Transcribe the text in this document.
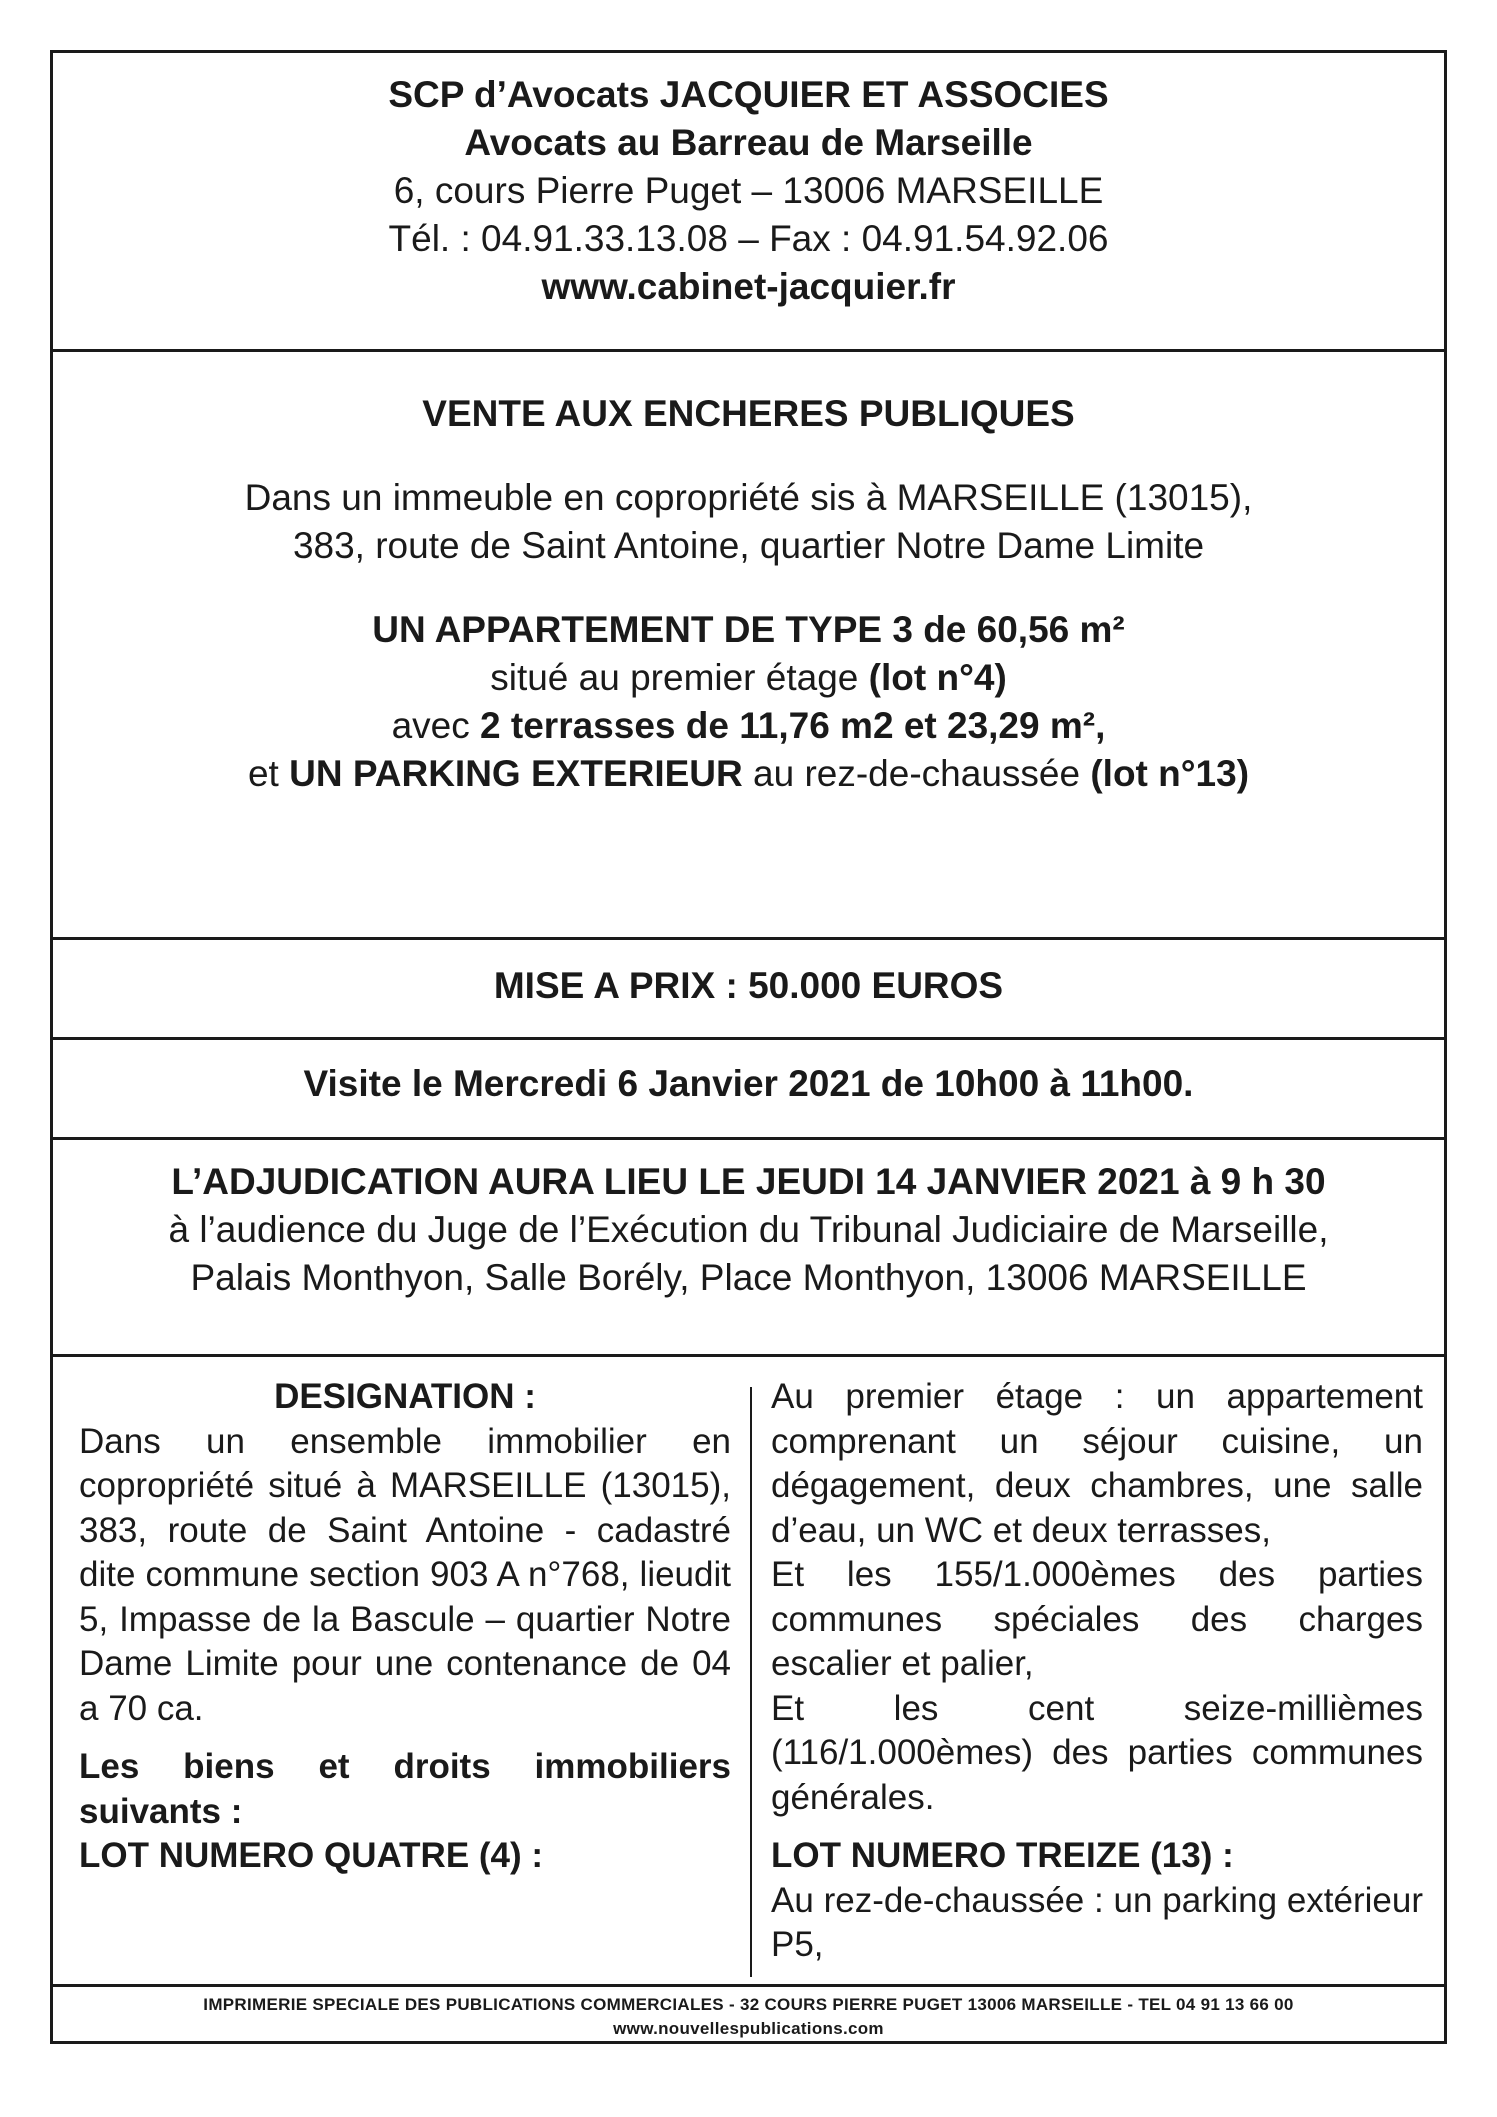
SCP d’Avocats JACQUIER ET ASSOCIES

Avocats au Barreau de Marseille

6, cours Pierre Puget – 13006 MARSEILLE

Tél. : 04.91.33.13.08 – Fax : 04.91.54.92.06

www.cabinet-jacquier.fr

VENTE AUX ENCHERES PUBLIQUES

Dans un immeuble en copropriété sis à MARSEILLE (13015),

383, route de Saint Antoine, quartier Notre Dame Limite

UN APPARTEMENT DE TYPE 3 de 60,56 m²

situé au premier étage (lot n°4)

avec 2 terrasses de 11,76 m2 et 23,29 m²,

et UN PARKING EXTERIEUR au rez-de-chaussée (lot n°13)

MISE A PRIX : 50.000 EUROS

Visite le Mercredi 6 Janvier 2021 de 10h00 à 11h00.

L’ADJUDICATION AURA LIEU LE JEUDI 14 JANVIER 2021 à 9 h 30

à l’audience du Juge de l’Exécution du Tribunal Judiciaire de Marseille,

Palais Monthyon, Salle Borély, Place Monthyon, 13006 MARSEILLE

DESIGNATION :

Dans un ensemble immobilier en copropriété situé à MARSEILLE (13015), 383, route de Saint Antoine - cadastré dite commune section 903 A n°768, lieudit 5, Impasse de la Bascule – quartier Notre Dame Limite pour une contenance de 04 a 70 ca.

Les biens et droits immobiliers suivants :

LOT NUMERO QUATRE (4) :

Au premier étage : un appartement comprenant un séjour cuisine, un dégagement, deux chambres, une salle d’eau, un WC et deux terrasses,

Et les 155/1.000èmes des parties communes spéciales des charges escalier et palier,

Et les cent seize-millièmes (116/1.000èmes) des parties communes générales.

LOT NUMERO TREIZE (13) :

Au rez-de-chaussée : un parking extérieur P5,

IMPRIMERIE SPECIALE DES PUBLICATIONS COMMERCIALES - 32 COURS PIERRE PUGET 13006 MARSEILLE - TEL 04 91 13 66 00

www.nouvellespublications.com
